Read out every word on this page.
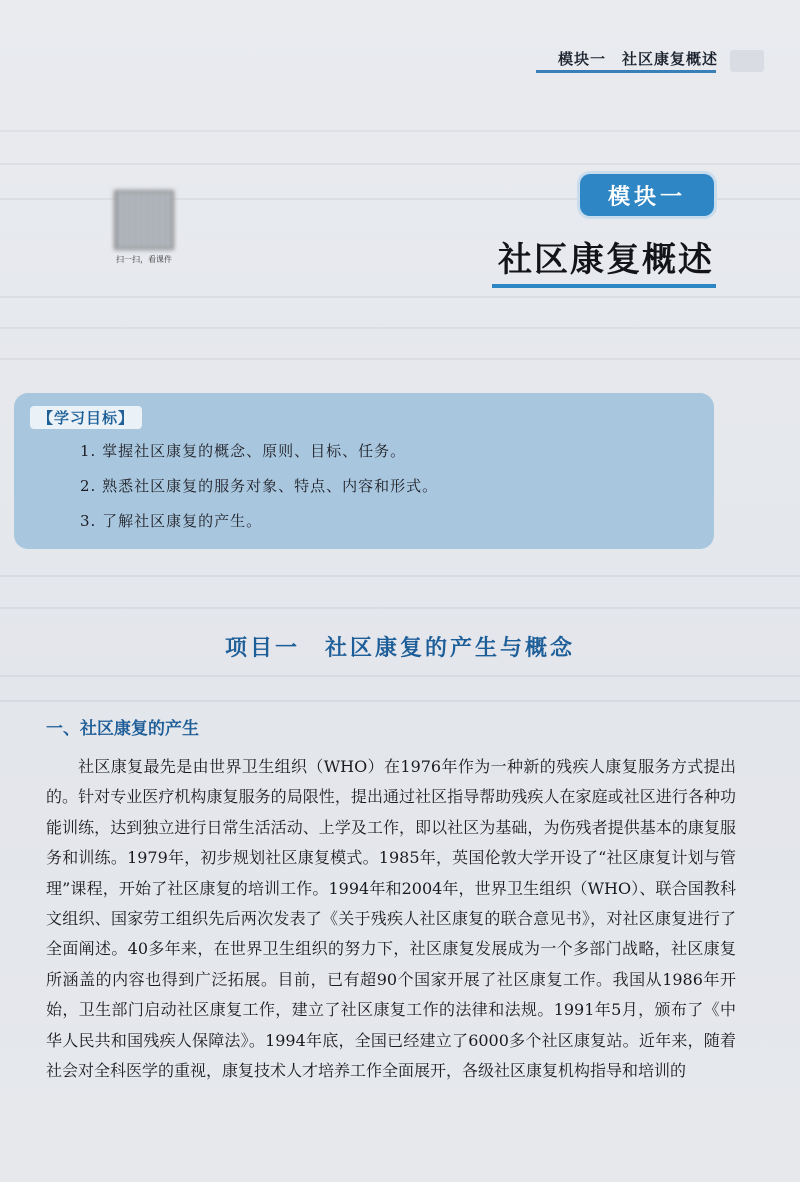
模块一　社区康复概述
扫一扫，看课件
模块一
社区康复概述
【学习目标】
1. 掌握社区康复的概念、原则、目标、任务。
2. 熟悉社区康复的服务对象、特点、内容和形式。
3. 了解社区康复的产生。
项目一　社区康复的产生与概念
一、社区康复的产生

社区康复最先是由世界卫生组织（WHO）在1976年作为一种新的残疾人康复服务方式提出的。针对专业医疗机构康复服务的局限性，提出通过社区指导帮助残疾人在家庭或社区进行各种功能训练，达到独立进行日常生活活动、上学及工作，即以社区为基础，为伤残者提供基本的康复服务和训练。1979年，初步规划社区康复模式。1985年，英国伦敦大学开设了“社区康复计划与管理”课程，开始了社区康复的培训工作。1994年和2004年，世界卫生组织（WHO）、联合国教科文组织、国家劳工组织先后两次发表了《关于残疾人社区康复的联合意见书》，对社区康复进行了全面阐述。40多年来，在世界卫生组织的努力下，社区康复发展成为一个多部门战略，社区康复所涵盖的内容也得到广泛拓展。目前，已有超90个国家开展了社区康复工作。我国从1986年开始，卫生部门启动社区康复工作，建立了社区康复工作的法律和法规。1991年5月，颁布了《中华人民共和国残疾人保障法》。1994年底，全国已经建立了6000多个社区康复站。近年来，随着社会对全科医学的重视，康复技术人才培养工作全面展开，各级社区康复机构指导和培训的
